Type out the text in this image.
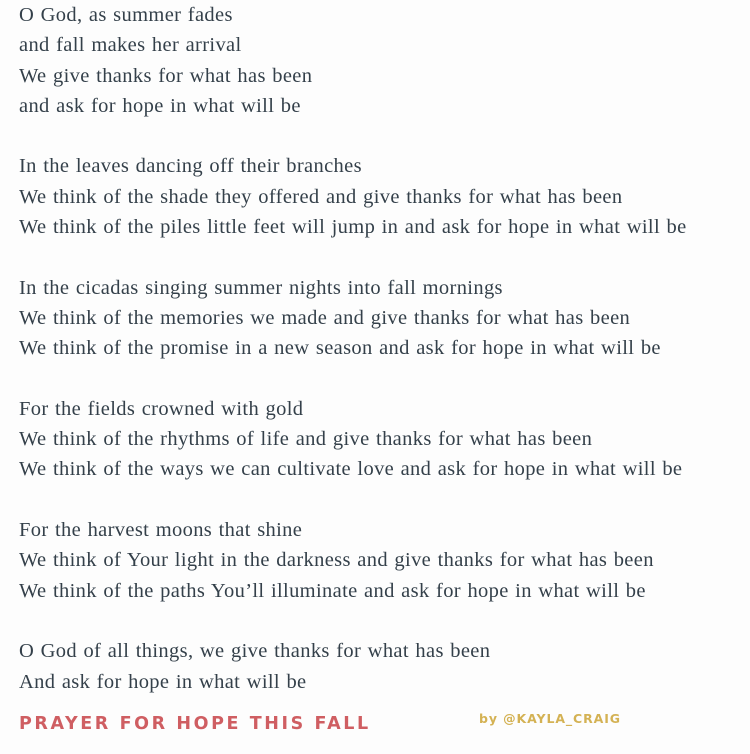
O God, as summer fades
and fall makes her arrival
We give thanks for what has been
and ask for hope in what will be
In the leaves dancing off their branches
We think of the shade they offered and give thanks for what has been
We think of the piles little feet will jump in and ask for hope in what will be
In the cicadas singing summer nights into fall mornings
We think of the memories we made and give thanks for what has been
We think of the promise in a new season and ask for hope in what will be
For the fields crowned with gold
We think of the rhythms of life and give thanks for what has been
We think of the ways we can cultivate love and ask for hope in what will be
For the harvest moons that shine
We think of Your light in the darkness and give thanks for what has been
We think of the paths You’ll illuminate and ask for hope in what will be
O God of all things, we give thanks for what has been
And ask for hope in what will be
PRAYER FOR HOPE THIS FALL	by @KAYLA_CRAIG
